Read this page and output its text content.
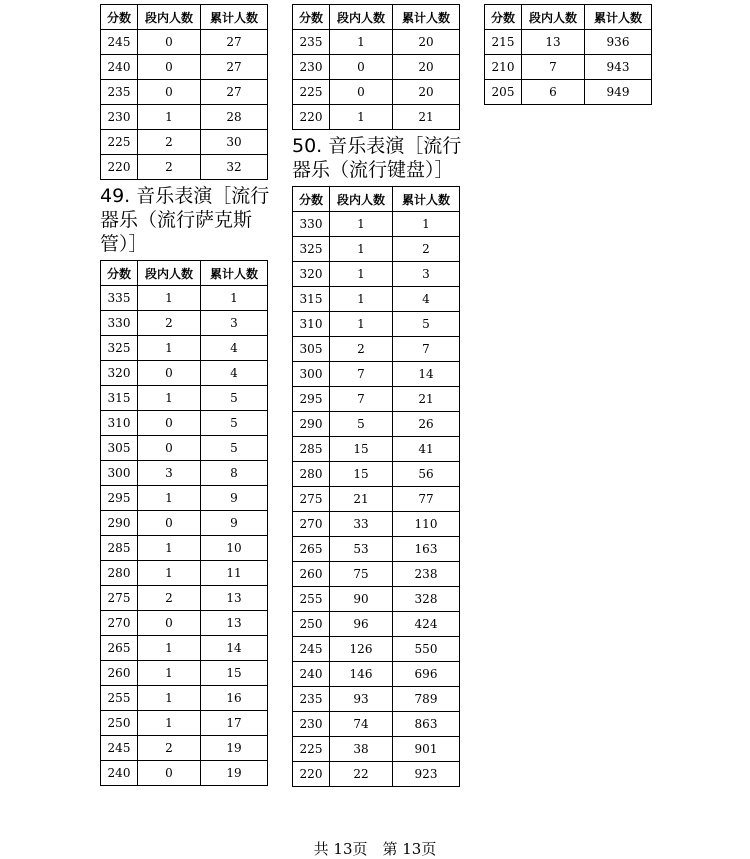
分数	段内人数	累计人数
245	0	27
240	0	27
235	0	27
230	1	28
225	2	30
220	2	32
49. 音乐表演［流行器乐（流行萨克斯管）］
分数	段内人数	累计人数
335	1	1
330	2	3
325	1	4
320	0	4
315	1	5
310	0	5
305	0	5
300	3	8
295	1	9
290	0	9
285	1	10
280	1	11
275	2	13
270	0	13
265	1	14
260	1	15
255	1	16
250	1	17
245	2	19
240	0	19
分数	段内人数	累计人数
235	1	20
230	0	20
225	0	20
220	1	21
50. 音乐表演［流行器乐（流行键盘）］
分数	段内人数	累计人数
330	1	1
325	1	2
320	1	3
315	1	4
310	1	5
305	2	7
300	7	14
295	7	21
290	5	26
285	15	41
280	15	56
275	21	77
270	33	110
265	53	163
260	75	238
255	90	328
250	96	424
245	126	550
240	146	696
235	93	789
230	74	863
225	38	901
220	22	923
分数	段内人数	累计人数
215	13	936
210	7	943
205	6	949
共 13页　第 13页
